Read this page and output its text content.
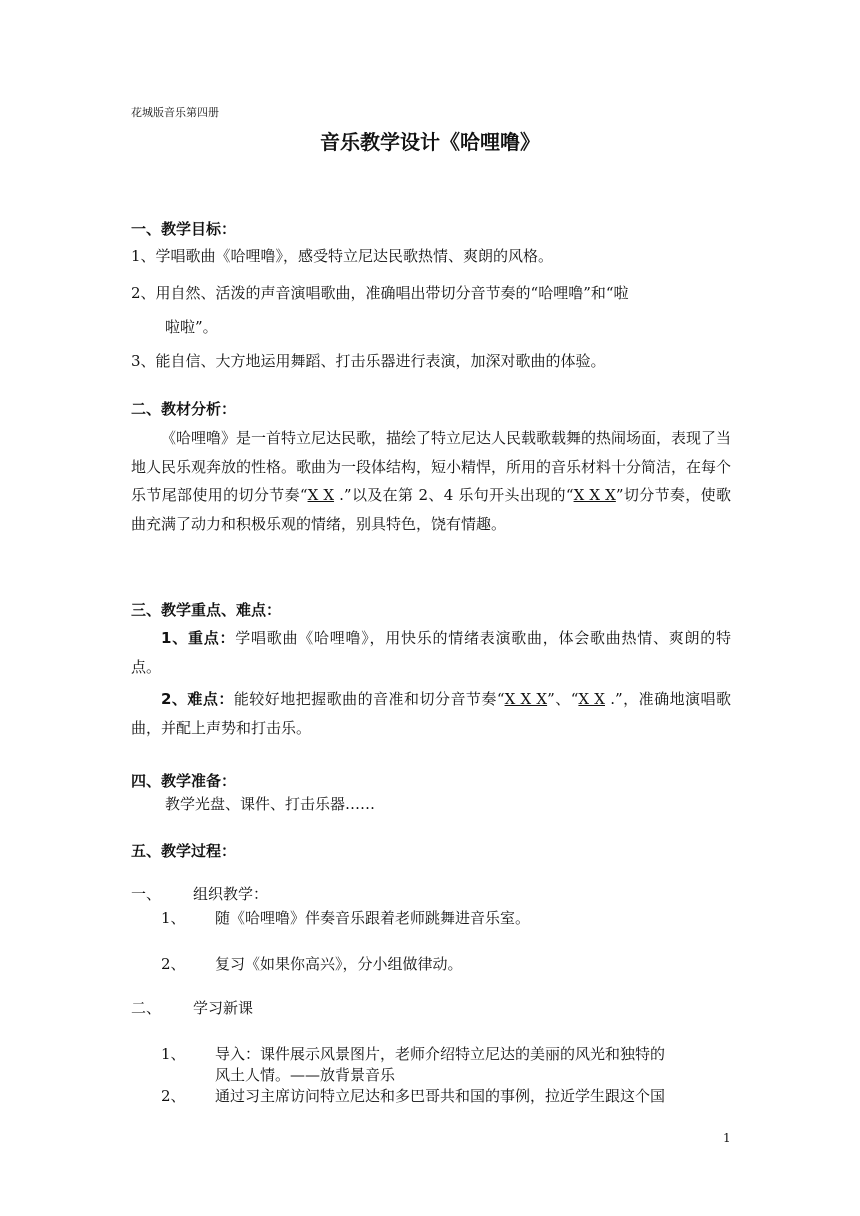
花城版音乐第四册
音乐教学设计《哈哩噜》
一、教学目标：
1、学唱歌曲《哈哩噜》，感受特立尼达民歌热情、爽朗的风格。
2、用自然、活泼的声音演唱歌曲，准确唱出带切分音节奏的“哈哩噜”和“啦
啦啦”。
3、能自信、大方地运用舞蹈、打击乐器进行表演，加深对歌曲的体验。
二、教材分析：
《哈哩噜》是一首特立尼达民歌，描绘了特立尼达人民载歌载舞的热闹场面，表现了当地人民乐观奔放的性格。歌曲为一段体结构，短小精悍，所用的音乐材料十分简洁，在每个乐节尾部使用的切分节奏“X X .”以及在第 2、4 乐句开头出现的“X X X”切分节奏，使歌曲充满了动力和积极乐观的情绪，别具特色，饶有情趣。
三、教学重点、难点：
1、重点：学唱歌曲《哈哩噜》，用快乐的情绪表演歌曲，体会歌曲热情、爽朗的特点。
2、难点：能较好地把握歌曲的音准和切分音节奏“X X X”、“X X .”，准确地演唱歌曲，并配上声势和打击乐。
四、教学准备：
教学光盘、课件、打击乐器……
五、教学过程：
一、 组织教学：
1、 随《哈哩噜》伴奏音乐跟着老师跳舞进音乐室。
2、 复习《如果你高兴》，分小组做律动。
二、 学习新课
1、 导入：课件展示风景图片，老师介绍特立尼达的美丽的风光和独特的
风土人情。——放背景音乐
2、 通过习主席访问特立尼达和多巴哥共和国的事例，拉近学生跟这个国
1
